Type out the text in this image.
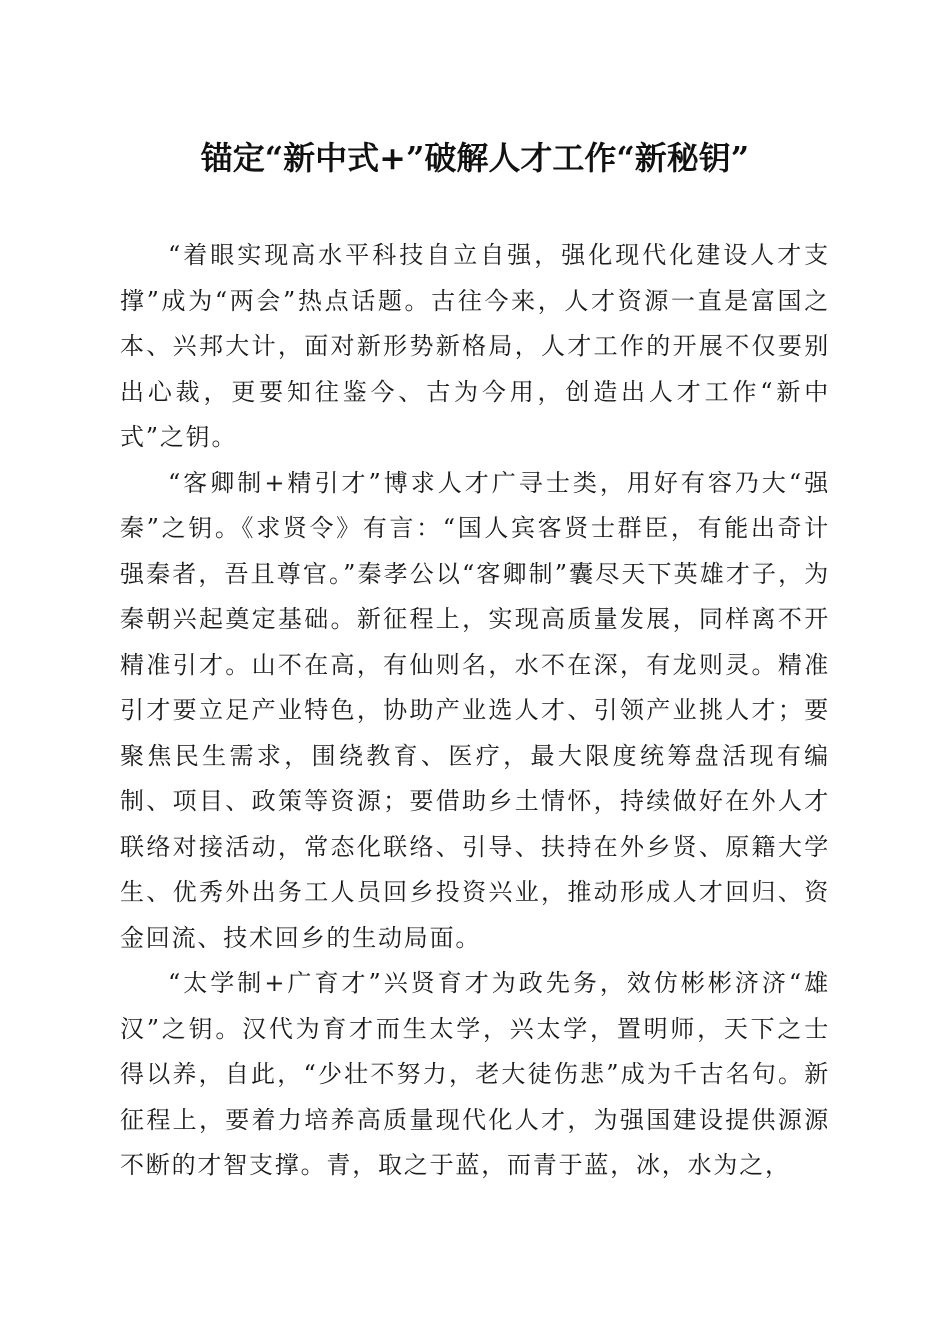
锚定“新中式+”破解人才工作“新秘钥”

“着眼实现高水平科技自立自强，强化现代化建设人才支撑”成为“两会”热点话题。古往今来，人才资源一直是富国之本、兴邦大计，面对新形势新格局，人才工作的开展不仅要别出心裁，更要知往鉴今、古为今用，创造出人才工作“新中式”之钥。

“客卿制+精引才”博求人才广寻士类，用好有容乃大“强秦”之钥。《求贤令》有言：“国人宾客贤士群臣，有能出奇计强秦者，吾且尊官。”秦孝公以“客卿制”囊尽天下英雄才子，为秦朝兴起奠定基础。新征程上，实现高质量发展，同样离不开精准引才。山不在高，有仙则名，水不在深，有龙则灵。精准引才要立足产业特色，协助产业选人才、引领产业挑人才；要聚焦民生需求，围绕教育、医疗，最大限度统筹盘活现有编制、项目、政策等资源；要借助乡土情怀，持续做好在外人才联络对接活动，常态化联络、引导、扶持在外乡贤、原籍大学生、优秀外出务工人员回乡投资兴业，推动形成人才回归、资金回流、技术回乡的生动局面。

“太学制+广育才”兴贤育才为政先务，效仿彬彬济济“雄汉”之钥。汉代为育才而生太学，兴太学，置明师，天下之士得以养，自此，“少壮不努力，老大徒伤悲”成为千古名句。新征程上，要着力培养高质量现代化人才，为强国建设提供源源不断的才智支撑。青，取之于蓝，而青于蓝，冰，水为之，
